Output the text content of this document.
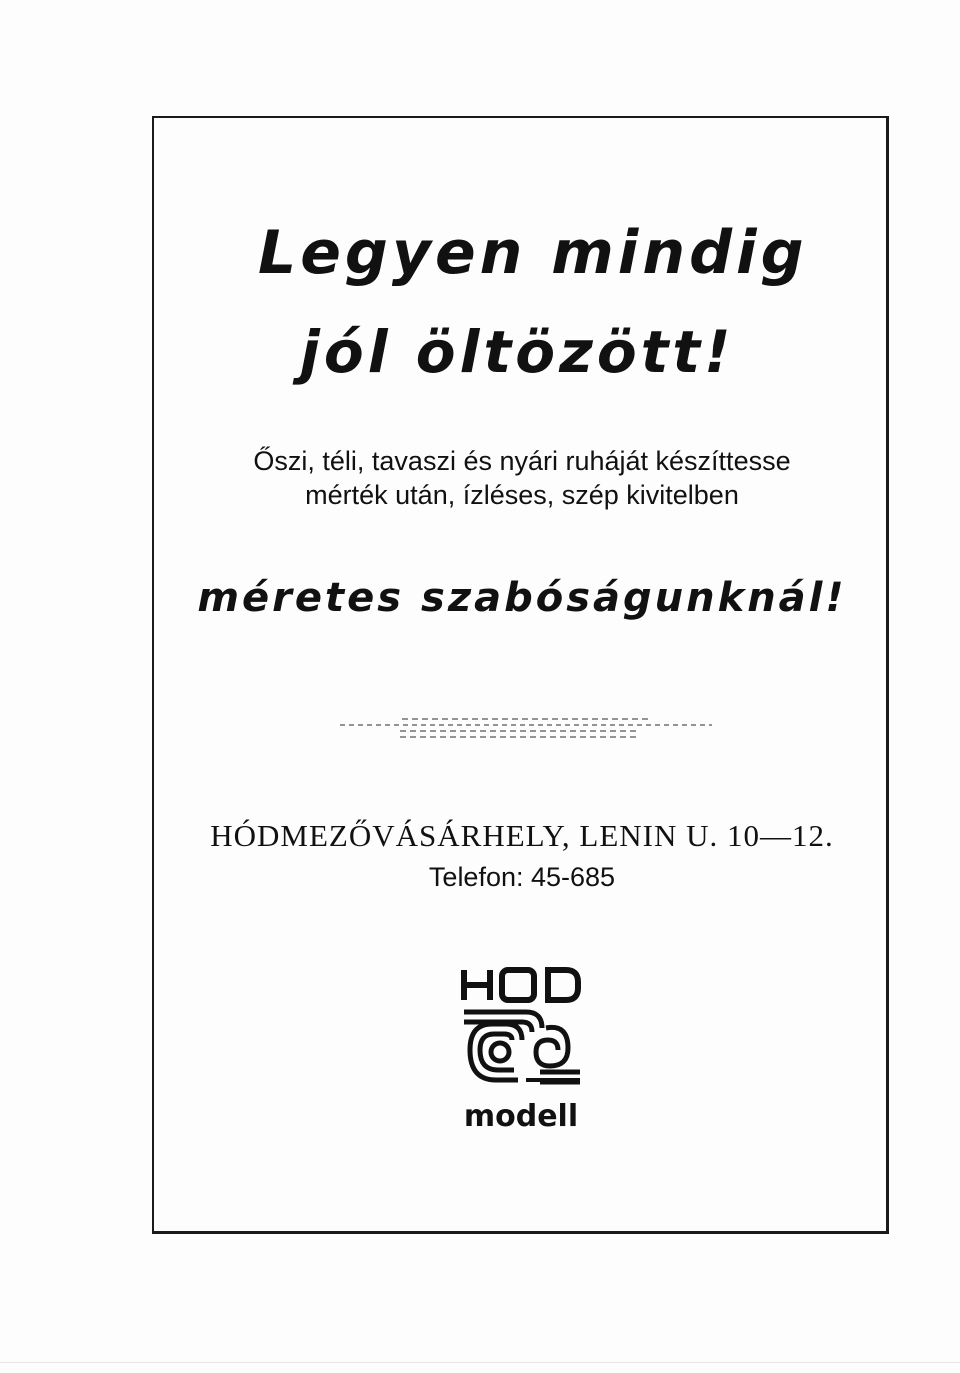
Legyen mindig
jól öltözött!
Őszi, téli, tavaszi és nyári ruháját készíttesse
mérték után, ízléses, szép kivitelben
méretes szabóságunknál!
HÓDMEZŐVÁSÁRHELY, LENIN U. 10—12.
Telefon: 45-685
modell
